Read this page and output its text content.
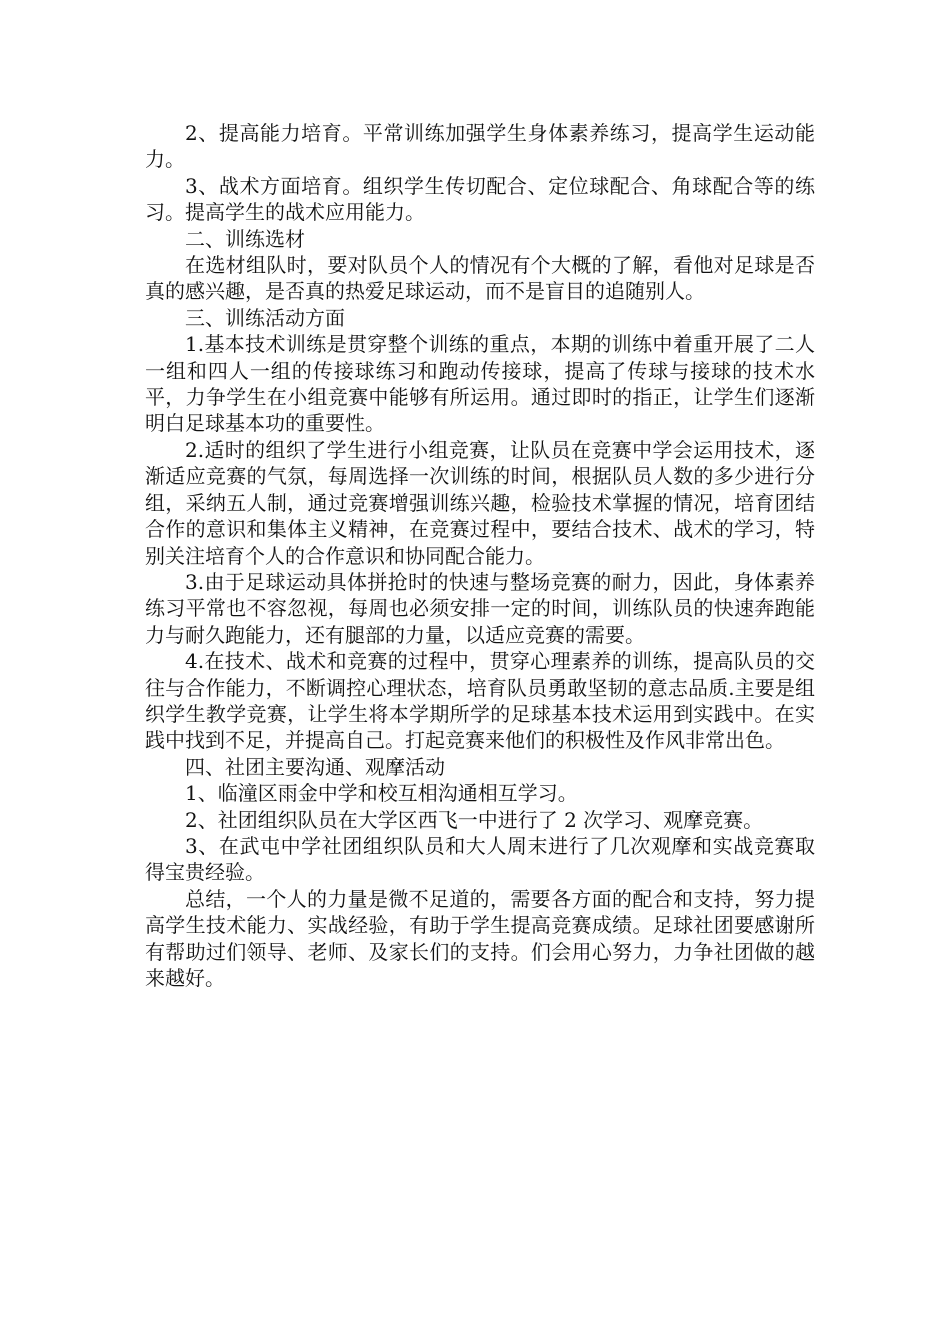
2、提高能力培育。平常训练加强学生身体素养练习，提高学生运动能力。

3、战术方面培育。组织学生传切配合、定位球配合、角球配合等的练习。提高学生的战术应用能力。

二、训练选材

在选材组队时，要对队员个人的情况有个大概的了解，看他对足球是否真的感兴趣，是否真的热爱足球运动，而不是盲目的追随别人。

三、训练活动方面

1.基本技术训练是贯穿整个训练的重点，本期的训练中着重开展了二人一组和四人一组的传接球练习和跑动传接球，提高了传球与接球的技术水平，力争学生在小组竞赛中能够有所运用。通过即时的指正，让学生们逐渐明白足球基本功的重要性。

2.适时的组织了学生进行小组竞赛，让队员在竞赛中学会运用技术，逐渐适应竞赛的气氛，每周选择一次训练的时间，根据队员人数的多少进行分组，采纳五人制，通过竞赛增强训练兴趣，检验技术掌握的情况，培育团结合作的意识和集体主义精神，在竞赛过程中，要结合技术、战术的学习，特别关注培育个人的合作意识和协同配合能力。

3.由于足球运动具体拼抢时的快速与整场竞赛的耐力，因此，身体素养练习平常也不容忽视，每周也必须安排一定的时间，训练队员的快速奔跑能力与耐久跑能力，还有腿部的力量，以适应竞赛的需要。

4.在技术、战术和竞赛的过程中，贯穿心理素养的训练，提高队员的交往与合作能力，不断调控心理状态，培育队员勇敢坚韧的意志品质.主要是组织学生教学竞赛，让学生将本学期所学的足球基本技术运用到实践中。在实践中找到不足，并提高自己。打起竞赛来他们的积极性及作风非常出色。

四、社团主要沟通、观摩活动

1、临潼区雨金中学和校互相沟通相互学习。

2、社团组织队员在大学区西飞一中进行了 2 次学习、观摩竞赛。

3、在武屯中学社团组织队员和大人周末进行了几次观摩和实战竞赛取得宝贵经验。

总结，一个人的力量是微不足道的，需要各方面的配合和支持，努力提高学生技术能力、实战经验，有助于学生提高竞赛成绩。足球社团要感谢所有帮助过们领导、老师、及家长们的支持。们会用心努力，力争社团做的越来越好。
